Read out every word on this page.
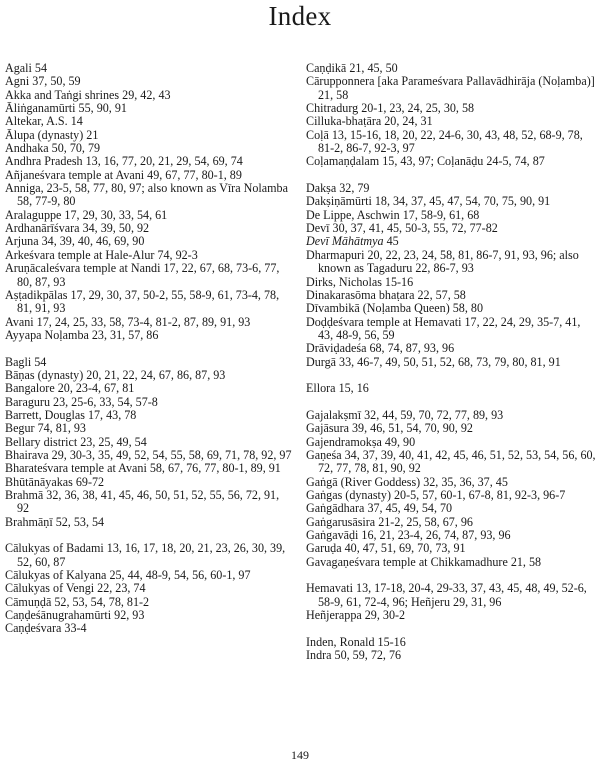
Index
Agali 54
Agni 37, 50, 59
Akka and Taṅgi shrines 29, 42, 43
Āliṅganamūrti 55, 90, 91
Altekar, A.S. 14
Ālupa (dynasty) 21
Andhaka 50, 70, 79
Andhra Pradesh 13, 16, 77, 20, 21, 29, 54, 69, 74
Añjaneśvara temple at Avani 49, 67, 77, 80-1, 89
Anniga, 23-5, 58, 77, 80, 97; also known as Vīra Nolamba 58, 77-9, 80
Aralaguppe 17, 29, 30, 33, 54, 61
Ardhanārīśvara 34, 39, 50, 92
Arjuna 34, 39, 40, 46, 69, 90
Arkeśvara temple at Hale-Alur 74, 92-3
Aruṇācaleśvara temple at Nandi 17, 22, 67, 68, 73-6, 77, 80, 87, 93
Aṣṭadikpālas 17, 29, 30, 37, 50-2, 55, 58-9, 61, 73-4, 78, 81, 91, 93
Avani 17, 24, 25, 33, 58, 73-4, 81-2, 87, 89, 91, 93
Ayyapa Noḷamba 23, 31, 57, 86
Bagli 54
Bāṇas (dynasty) 20, 21, 22, 24, 67, 86, 87, 93
Bangalore 20, 23-4, 67, 81
Baraguru 23, 25-6, 33, 54, 57-8
Barrett, Douglas 17, 43, 78
Begur 74, 81, 93
Bellary district 23, 25, 49, 54
Bhairava 29, 30-3, 35, 49, 52, 54, 55, 58, 69, 71, 78, 92, 97
Bharateśvara temple at Avani 58, 67, 76, 77, 80-1, 89, 91
Bhūtānāyakas 69-72
Brahmā 32, 36, 38, 41, 45, 46, 50, 51, 52, 55, 56, 72, 91, 92
Brahmāṇī 52, 53, 54
Cālukyas of Badami 13, 16, 17, 18, 20, 21, 23, 26, 30, 39, 52, 60, 87
Cālukyas of Kalyana 25, 44, 48-9, 54, 56, 60-1, 97
Cālukyas of Vengi 22, 23, 74
Cāmuṇḍā 52, 53, 54, 78, 81-2
Caṇḍeśānugrahamūrti 92, 93
Caṇḍeśvara 33-4
Caṇḍikā 21, 45, 50
Cārupponnera [aka Parameśvara Pallavādhirāja (Noḷamba)] 21, 58
Chitradurg 20-1, 23, 24, 25, 30, 58
Cilluka-bhaṭāra 20, 24, 31
Coḷā 13, 15-16, 18, 20, 22, 24-6, 30, 43, 48, 52, 68-9, 78, 81-2, 86-7, 92-3, 97
Coḷamaṇḍalam 15, 43, 97; Coḷanāḍu 24-5, 74, 87
Dakṣa 32, 79
Dakṣiṇāmūrti 18, 34, 37, 45, 47, 54, 70, 75, 90, 91
De Lippe, Aschwin 17, 58-9, 61, 68
Devī 30, 37, 41, 45, 50-3, 55, 72, 77-82
Devī Māhātmya 45
Dharmapuri 20, 22, 23, 24, 58, 81, 86-7, 91, 93, 96; also known as Tagaduru 22, 86-7, 93
Dirks, Nicholas 15-16
Dinakarasōma bhaṭara 22, 57, 58
Dīvambikā (Noḷamba Queen) 58, 80
Doḍḍeśvara temple at Hemavati 17, 22, 24, 29, 35-7, 41, 43, 48-9, 56, 59
Drāviḍadeśa 68, 74, 87, 93, 96
Durgā 33, 46-7, 49, 50, 51, 52, 68, 73, 79, 80, 81, 91
Ellora 15, 16
Gajalakṣmī 32, 44, 59, 70, 72, 77, 89, 93
Gajāsura 39, 46, 51, 54, 70, 90, 92
Gajendramokṣa 49, 90
Gaṇeśa 34, 37, 39, 40, 41, 42, 45, 46, 51, 52, 53, 54, 56, 60, 72, 77, 78, 81, 90, 92
Gaṅgā (River Goddess) 32, 35, 36, 37, 45
Gaṅgas (dynasty) 20-5, 57, 60-1, 67-8, 81, 92-3, 96-7
Gaṅgādhara 37, 45, 49, 54, 70
Gaṅgarusāsira 21-2, 25, 58, 67, 96
Gaṅgavāḍi 16, 21, 23-4, 26, 74, 87, 93, 96
Garuḍa 40, 47, 51, 69, 70, 73, 91
Gavagaṇeśvara temple at Chikkamadhure 21, 58
Hemavati 13, 17-18, 20-4, 29-33, 37, 43, 45, 48, 49, 52-6, 58-9, 61, 72-4, 96; Heñjeru 29, 31, 96
Heñjerappa 29, 30-2
Inden, Ronald 15-16
Indra 50, 59, 72, 76
149
